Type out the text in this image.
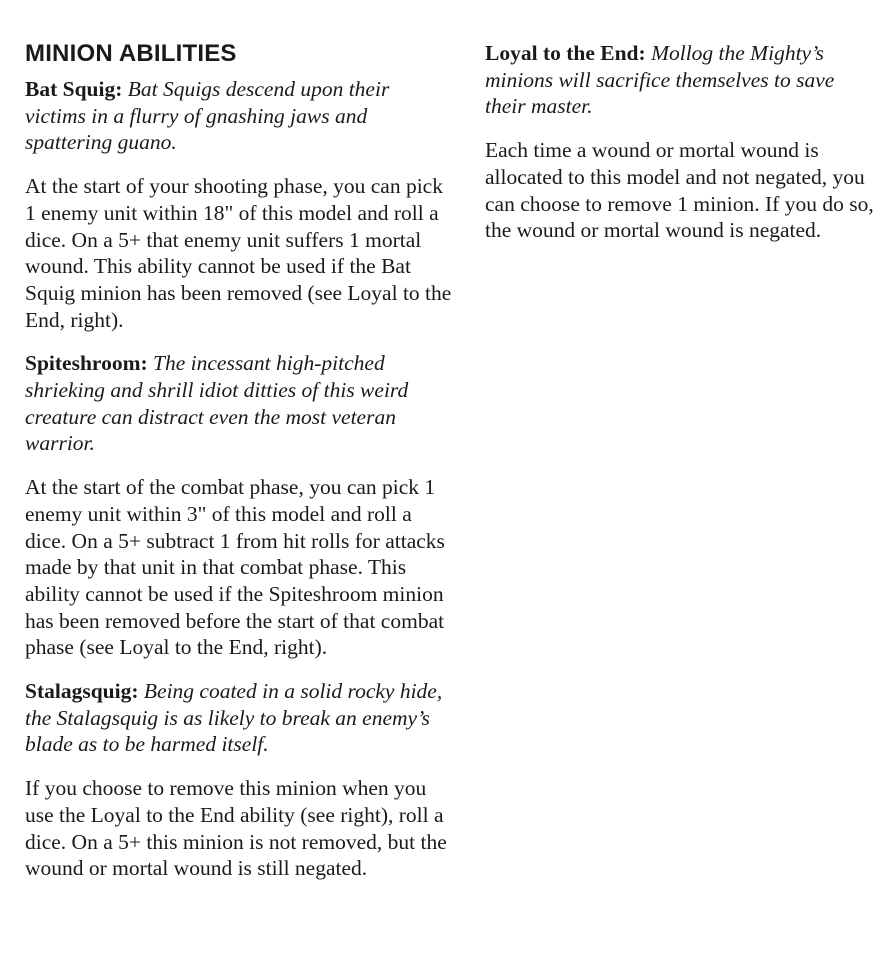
MINION ABILITIES

Bat Squig: Bat Squigs descend upon their victims in a flurry of gnashing jaws and spattering guano.

At the start of your shooting phase, you can pick 1 enemy unit within 18" of this model and roll a dice. On a 5+ that enemy unit suffers 1 mortal wound. This ability cannot be used if the Bat Squig minion has been removed (see Loyal to the End, right).

Spiteshroom: The incessant high-pitched shrieking and shrill idiot ditties of this weird creature can distract even the most veteran warrior.

At the start of the combat phase, you can pick 1 enemy unit within 3" of this model and roll a dice. On a 5+ subtract 1 from hit rolls for attacks made by that unit in that combat phase. This ability cannot be used if the Spiteshroom minion has been removed before the start of that combat phase (see Loyal to the End, right).

Stalagsquig: Being coated in a solid rocky hide, the Stalagsquig is as likely to break an enemy’s blade as to be harmed itself.

If you choose to remove this minion when you use the Loyal to the End ability (see right), roll a dice. On a 5+ this minion is not removed, but the wound or mortal wound is still negated.

Loyal to the End: Mollog the Mighty’s minions will sacrifice themselves to save their master.

Each time a wound or mortal wound is allocated to this model and not negated, you can choose to remove 1 minion. If you do so, the wound or mortal wound is negated.
